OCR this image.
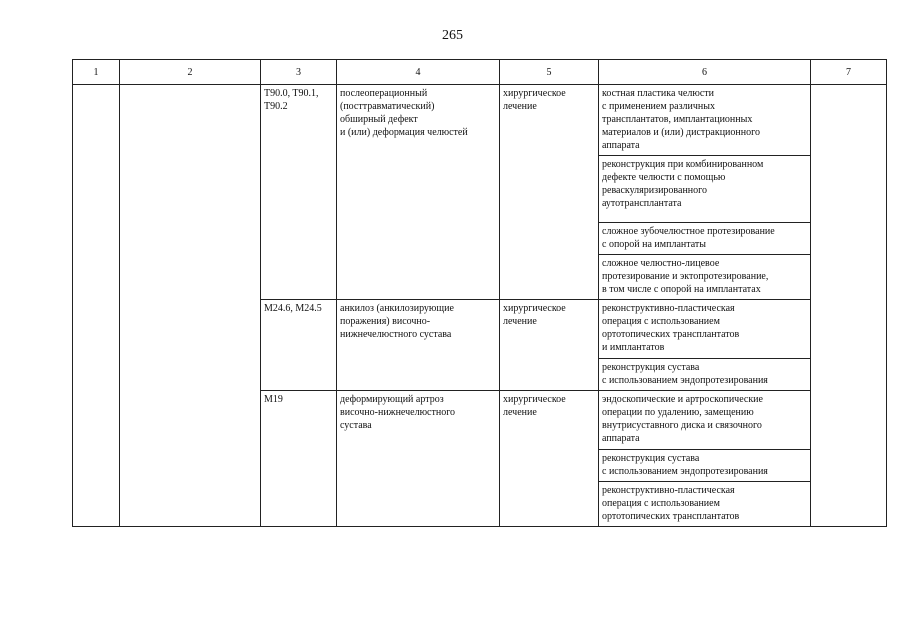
265
1	2	3	4	5	6	7
		T90.0, T90.1,
T90.2	послеоперационный
(посттравматический)
обширный дефект
и (или) деформация челюстей	хирургическое
лечение	костная пластика челюсти
с применением различных
трансплантатов, имплантационных
материалов и (или) дистракционного
аппарата	
					реконструкция при комбинированном
дефекте челюсти с помощью
реваскуляризированного
аутотрансплантата	
					сложное зубочелюстное протезирование
с опорой на имплантаты	
					сложное челюстно-лицевое
протезирование и эктопротезирование,
в том числе с опорой на имплантатах	
		M24.6, M24.5	анкилоз (анкилозирующие
поражения) височно-
нижнечелюстного сустава	хирургическое
лечение	реконструктивно-пластическая
операция с использованием
ортотопических трансплантатов
и имплантатов	
					реконструкция сустава
с использованием эндопротезирования	
		M19	деформирующий артроз
височно-нижнечелюстного
сустава	хирургическое
лечение	эндоскопические и артроскопические
операции по удалению, замещению
внутрисуставного диска и связочного
аппарата	
					реконструкция сустава
с использованием эндопротезирования	
					реконструктивно-пластическая
операция с использованием
ортотопических трансплантатов	
